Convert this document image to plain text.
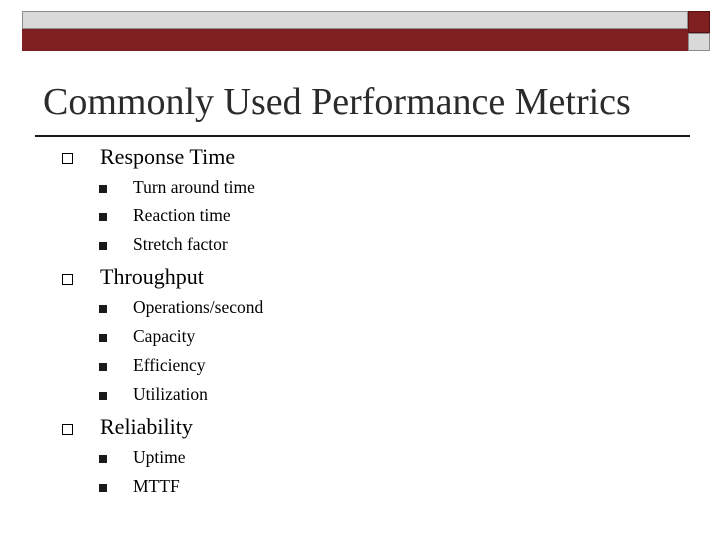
Commonly Used Performance Metrics
Response Time
Turn around time
Reaction time
Stretch factor
Throughput
Operations/second
Capacity
Efficiency
Utilization
Reliability
Uptime
MTTF
